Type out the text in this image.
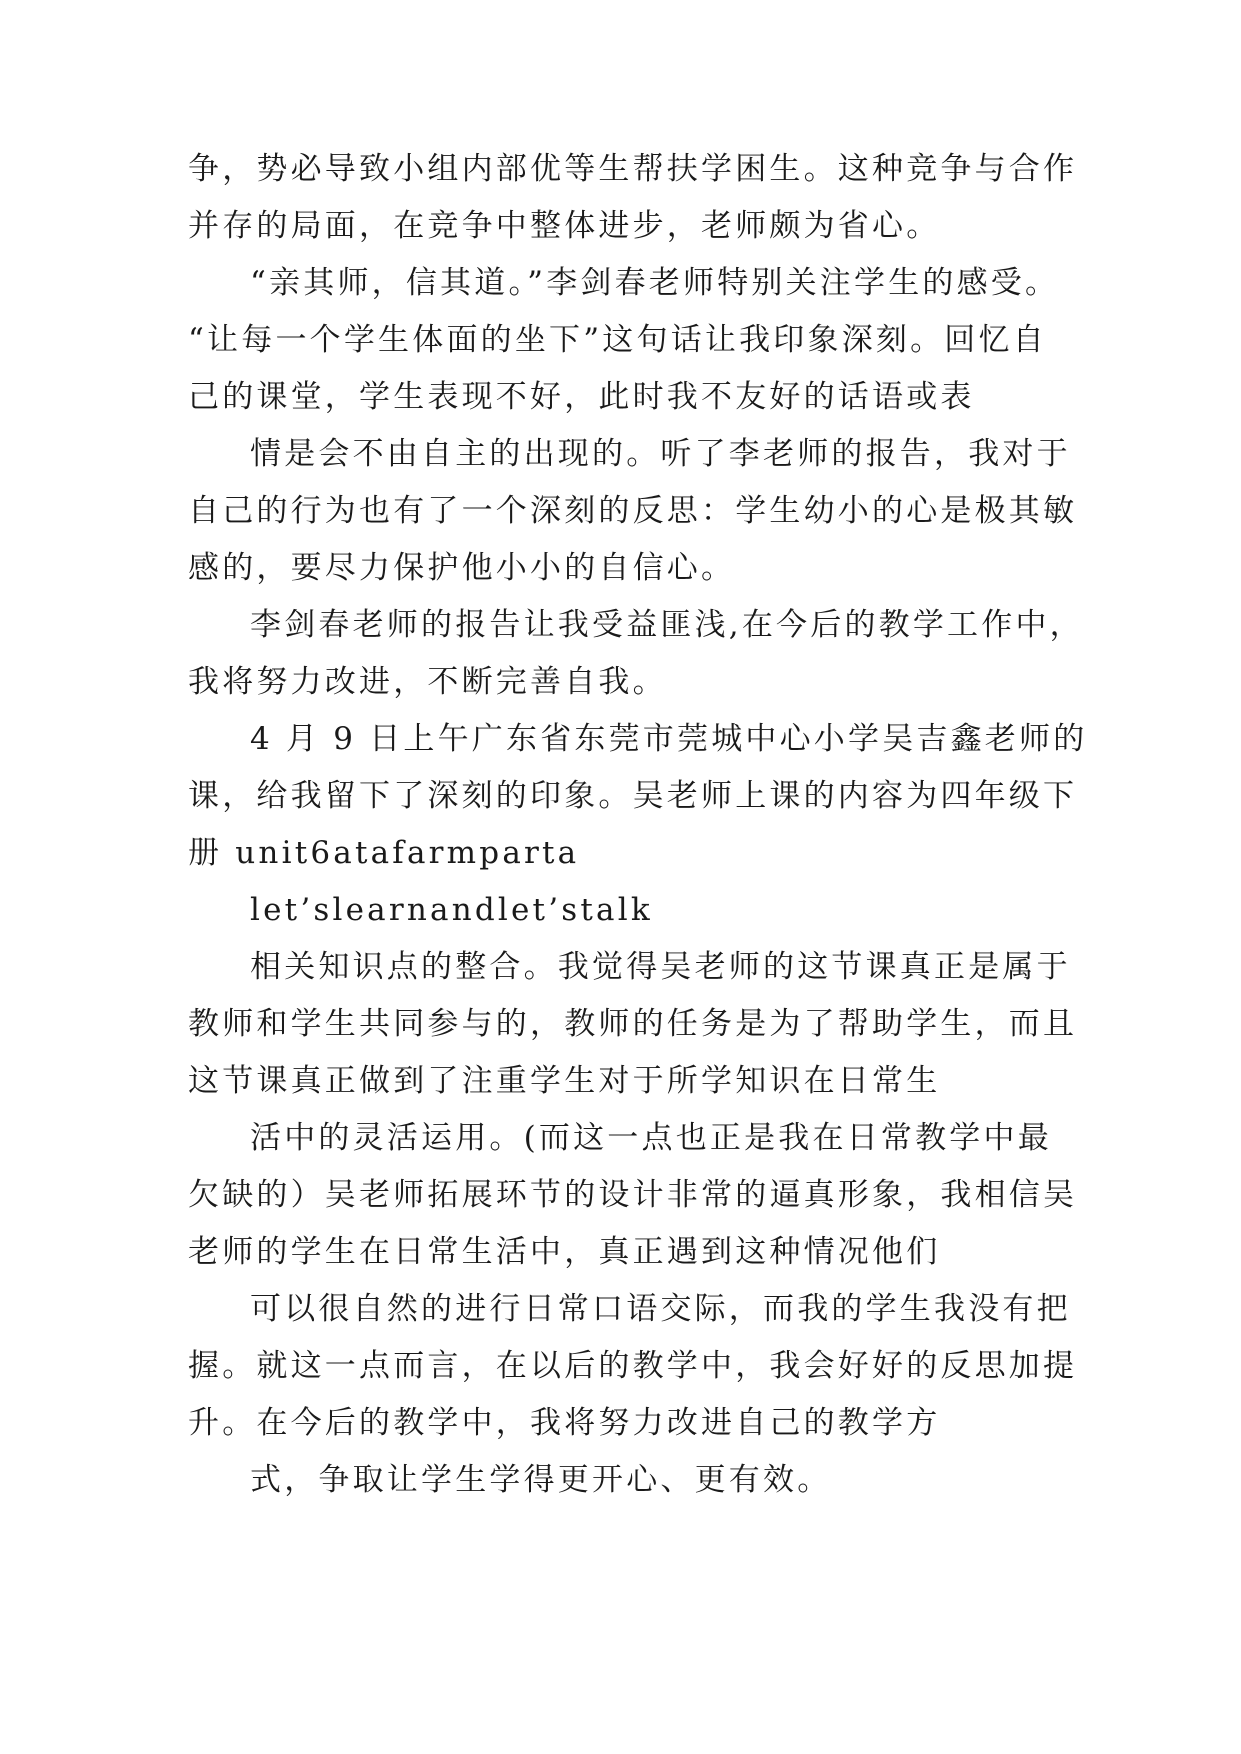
争，势必导致小组内部优等生帮扶学困生。这种竞争与合作

并存的局面，在竞争中整体进步，老师颇为省心。

“亲其师，信其道。”李剑春老师特别关注学生的感受。

“让每一个学生体面的坐下”这句话让我印象深刻。回忆自

己的课堂，学生表现不好，此时我不友好的话语或表

情是会不由自主的出现的。听了李老师的报告，我对于

自己的行为也有了一个深刻的反思：学生幼小的心是极其敏

感的，要尽力保护他小小的自信心。

李剑春老师的报告让我受益匪浅,在今后的教学工作中，

我将努力改进，不断完善自我。

4 月 9 日上午广东省东莞市莞城中心小学吴吉鑫老师的

课，给我留下了深刻的印象。吴老师上课的内容为四年级下

册 unit6atafarmparta

let’slearnandlet’stalk

相关知识点的整合。我觉得吴老师的这节课真正是属于

教师和学生共同参与的，教师的任务是为了帮助学生，而且

这节课真正做到了注重学生对于所学知识在日常生

活中的灵活运用。(而这一点也正是我在日常教学中最

欠缺的）吴老师拓展环节的设计非常的逼真形象，我相信吴

老师的学生在日常生活中，真正遇到这种情况他们

可以很自然的进行日常口语交际，而我的学生我没有把

握。就这一点而言，在以后的教学中，我会好好的反思加提

升。在今后的教学中，我将努力改进自己的教学方

式，争取让学生学得更开心、更有效。
